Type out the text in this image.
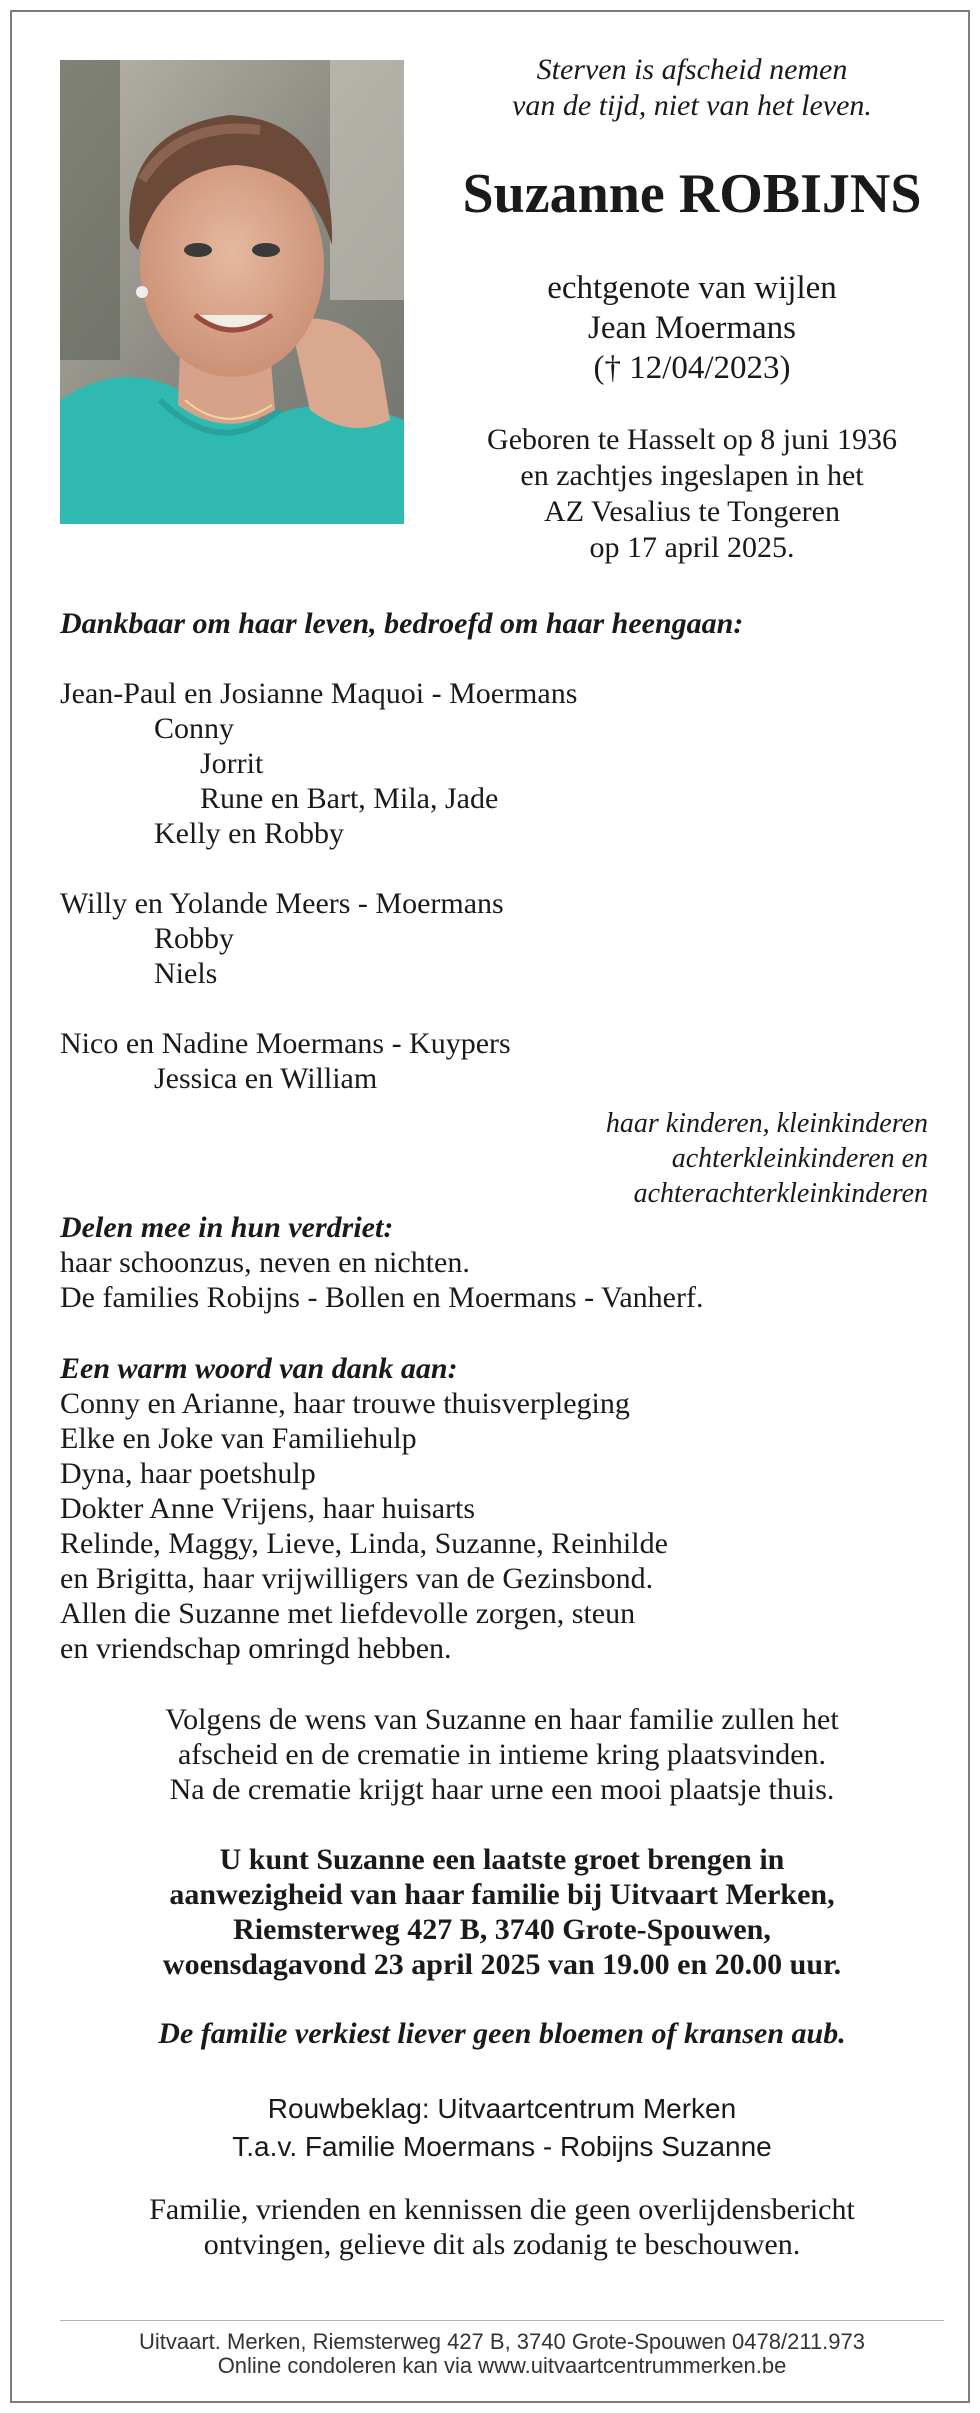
Sterven is afscheid nemen
van de tijd, niet van het leven.
Suzanne ROBIJNS
echtgenote van wijlen
Jean Moermans
(† 12/04/2023)
Geboren te Hasselt op 8 juni 1936
en zachtjes ingeslapen in het
AZ Vesalius te Tongeren
op 17 april 2025.
Dankbaar om haar leven, bedroefd om haar heengaan:
Jean-Paul en Josianne Maquoi - Moermans
Conny
Jorrit
Rune en Bart, Mila, Jade
Kelly en Robby
Willy en Yolande Meers - Moermans
Robby
Niels
Nico en Nadine Moermans - Kuypers
Jessica en William
haar kinderen, kleinkinderen
achterkleinkinderen en
achterachterkleinkinderen
Delen mee in hun verdriet:
haar schoonzus, neven en nichten.
De families Robijns - Bollen en Moermans - Vanherf.
Een warm woord van dank aan:
Conny en Arianne, haar trouwe thuisverpleging
Elke en Joke van Familiehulp
Dyna, haar poetshulp
Dokter Anne Vrijens, haar huisarts
Relinde, Maggy, Lieve, Linda, Suzanne, Reinhilde
en Brigitta, haar vrijwilligers van de Gezinsbond.
Allen die Suzanne met liefdevolle zorgen, steun
en vriendschap omringd hebben.
Volgens de wens van Suzanne en haar familie zullen het
afscheid en de crematie in intieme kring plaatsvinden.
Na de crematie krijgt haar urne een mooi plaatsje thuis.
U kunt Suzanne een laatste groet brengen in
aanwezigheid van haar familie bij Uitvaart Merken,
Riemsterweg 427 B, 3740 Grote-Spouwen,
woensdagavond 23 april 2025 van 19.00 en 20.00 uur.
De familie verkiest liever geen bloemen of kransen aub.
Rouwbeklag: Uitvaartcentrum Merken
T.a.v. Familie Moermans - Robijns Suzanne
Familie, vrienden en kennissen die geen overlijdensbericht
ontvingen, gelieve dit als zodanig te beschouwen.
Uitvaart. Merken, Riemsterweg 427 B, 3740 Grote-Spouwen 0478/211.973
Online condoleren kan via www.uitvaartcentrummerken.be
